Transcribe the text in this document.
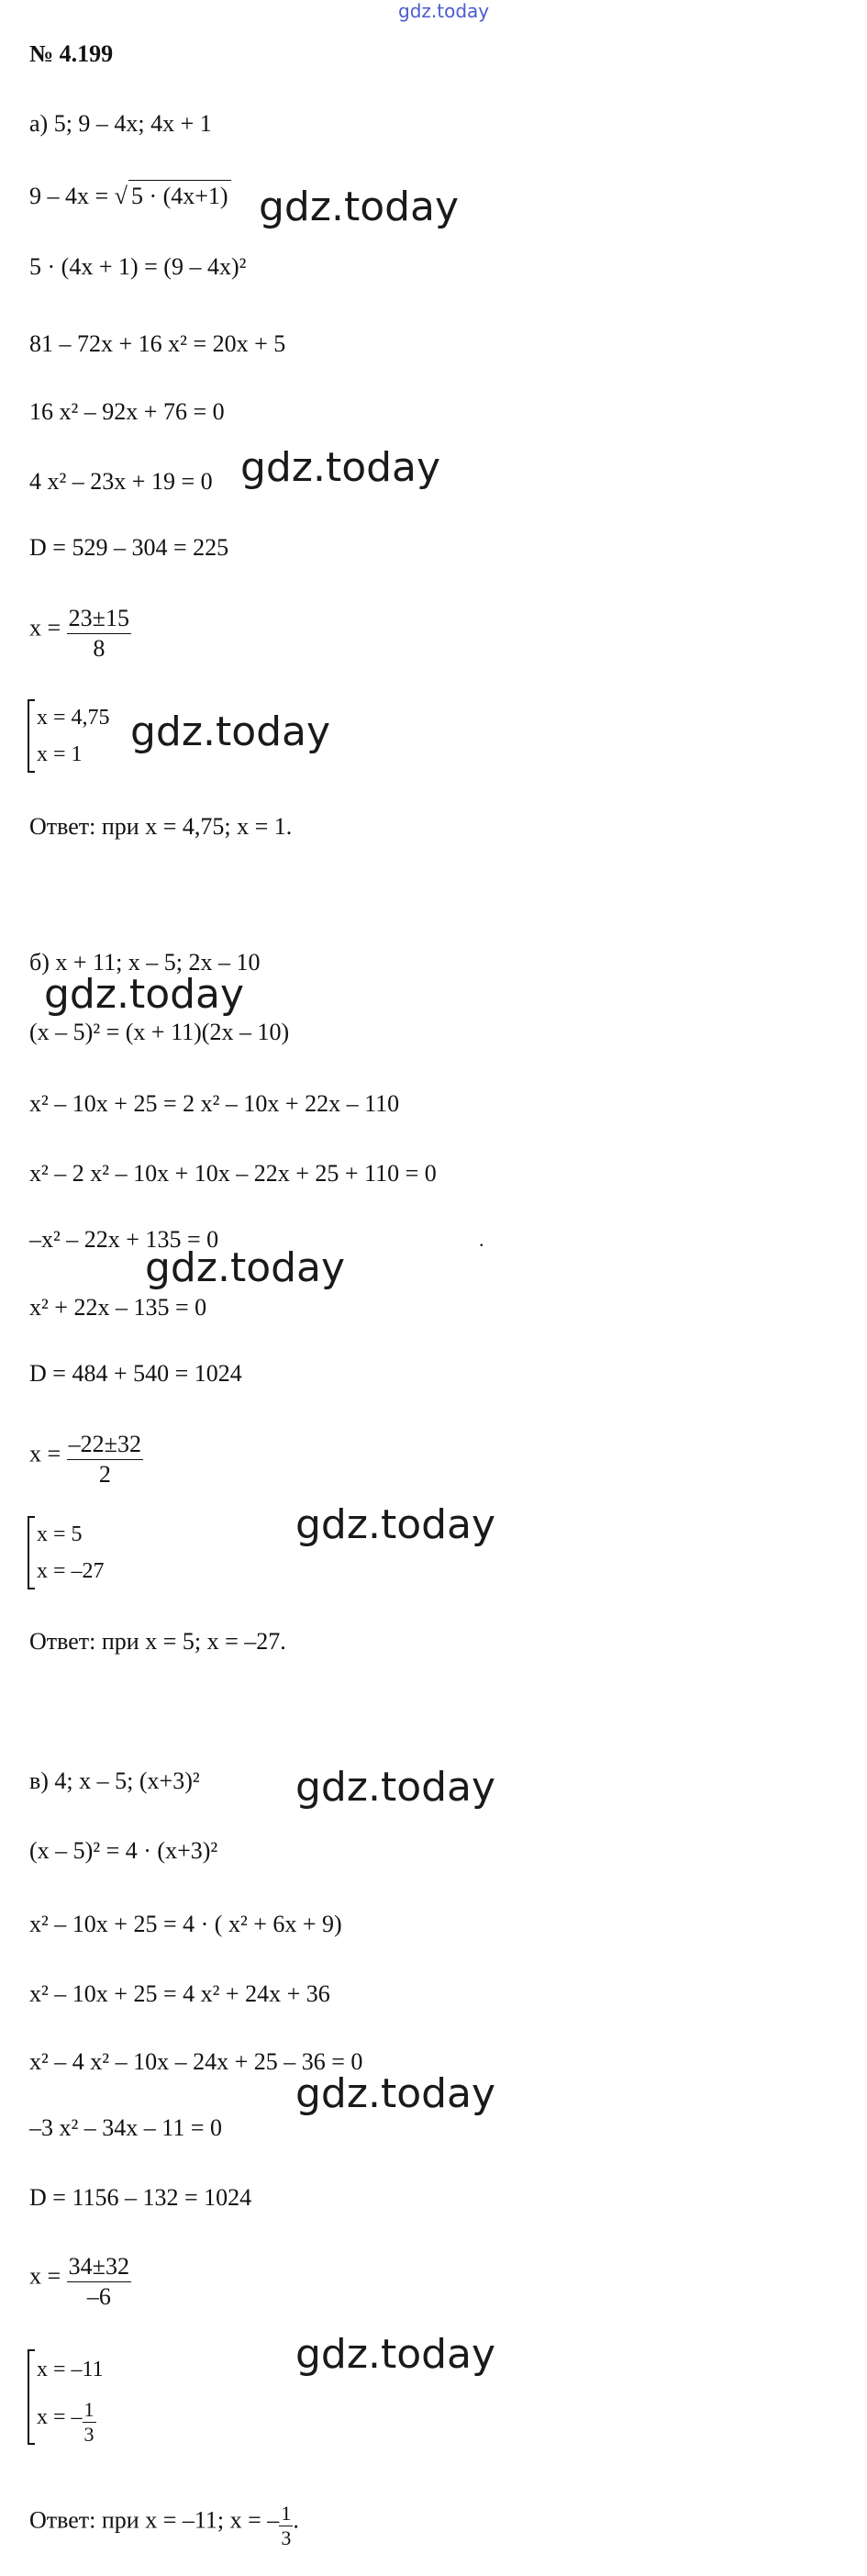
gdz.today
№ 4.199
а) 5; 9 – 4x; 4x + 1
9 – 4x = √ 5 · (4x+1) gdz.today
5 · (4x + 1) = (9 – 4x)²
81 – 72x + 16 x² = 20x + 5
16 x² – 92x + 76 = 0
4 x² – 23x + 19 = 0 gdz.today
D = 529 – 304 = 225
$x = \frac{23\pm 15}{8}$
x = 4,75
x = 1	gdz.today
Ответ: при x = 4,75; x = 1.
б) x + 11; x – 5; 2x – 10
gdz.today
(x – 5)² = (x + 11)(2x – 10)
x² – 10x + 25 = 2 x² – 10x + 22x – 110
x² – 2 x² – 10x + 10x – 22x + 25 + 110 = 0
–x² – 22x + 135 = 0	.
gdz.today
x² + 22x – 135 = 0
D = 484 + 540 = 1024
$x = \frac{-22\pm 32}{2}$
x = 5
x = –27
gdz.today
Ответ: при x = 5; x = –27.
в) 4; x – 5; (x+3)² gdz.today
(x – 5)² = 4 · (x+3)²
x² – 10x + 25 = 4 · ( x² + 6x + 9)
x² – 10x + 25 = 4 x² + 24x + 36
x² – 4 x² – 10x – 24x + 25 – 36 = 0
gdz.today
–3 x² – 34x – 11 = 0
D = 1156 – 132 = 1024
$x = \frac{34\pm 32}{-6}$
x = –11
x = – $\frac{1}{3}$
gdz.today
Ответ: при x = –11; x = – $\frac{1}{3}$ .
